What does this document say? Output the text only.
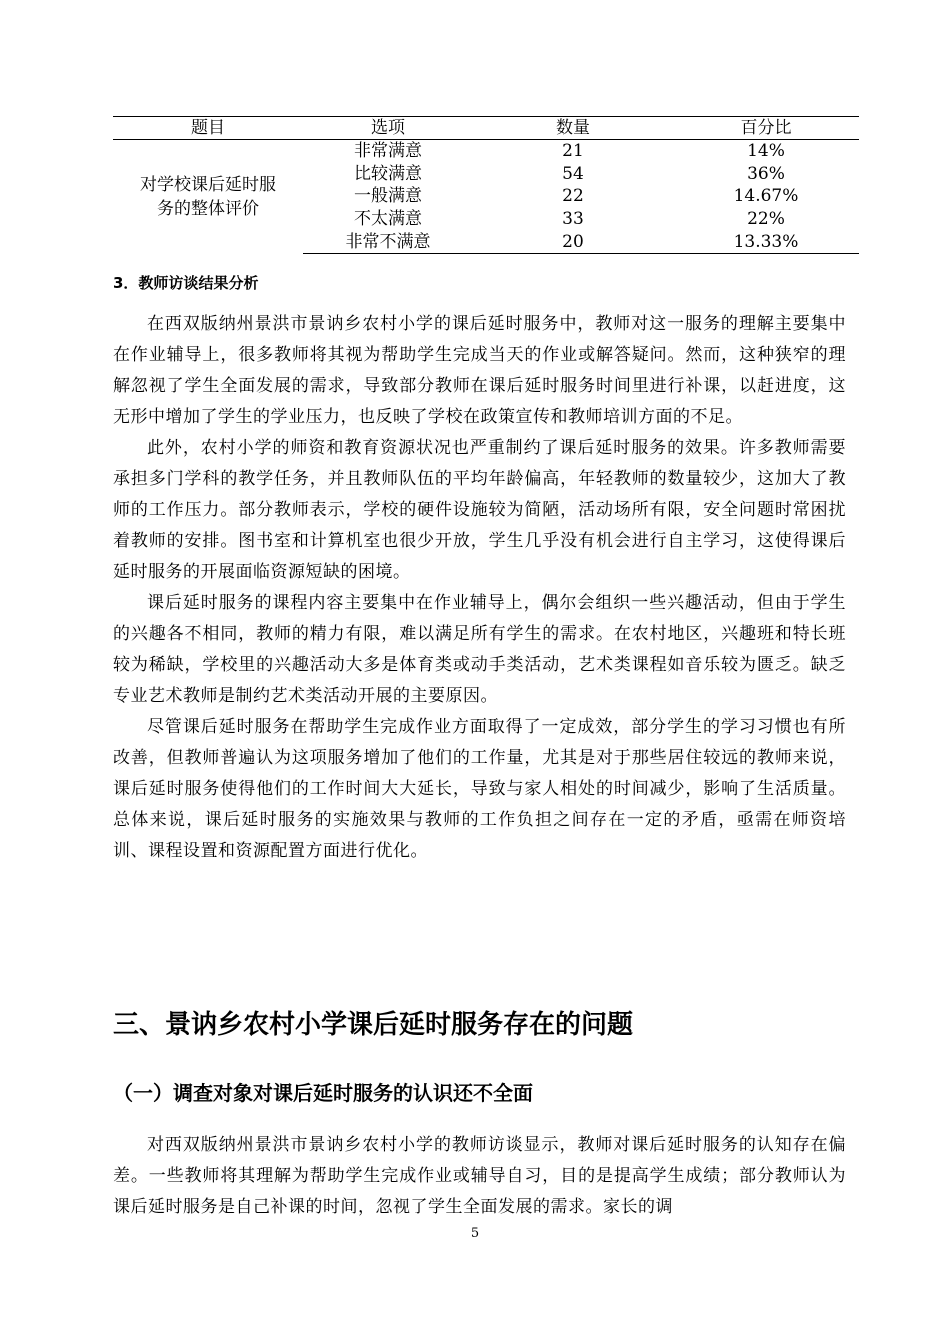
题目	选项	数量	百分比

对学校课后延时服
务的整体评价	非常满意	21	14%
	比较满意	54	36%
	一般满意	22	14.67%
	不太满意	33	22%
	非常不满意	20	13.33%
3．教师访谈结果分析

在西双版纳州景洪市景讷乡农村小学的课后延时服务中，教师对这一服务的理解主要集中在作业辅导上，很多教师将其视为帮助学生完成当天的作业或解答疑问。然而，这种狭窄的理解忽视了学生全面发展的需求，导致部分教师在课后延时服务时间里进行补课，以赶进度，这无形中增加了学生的学业压力，也反映了学校在政策宣传和教师培训方面的不足。

此外，农村小学的师资和教育资源状况也严重制约了课后延时服务的效果。许多教师需要承担多门学科的教学任务，并且教师队伍的平均年龄偏高，年轻教师的数量较少，这加大了教师的工作压力。部分教师表示，学校的硬件设施较为简陋，活动场所有限，安全问题时常困扰着教师的安排。图书室和计算机室也很少开放，学生几乎没有机会进行自主学习，这使得课后延时服务的开展面临资源短缺的困境。

课后延时服务的课程内容主要集中在作业辅导上，偶尔会组织一些兴趣活动，但由于学生的兴趣各不相同，教师的精力有限，难以满足所有学生的需求。在农村地区，兴趣班和特长班较为稀缺，学校里的兴趣活动大多是体育类或动手类活动，艺术类课程如音乐较为匮乏。缺乏专业艺术教师是制约艺术类活动开展的主要原因。

尽管课后延时服务在帮助学生完成作业方面取得了一定成效，部分学生的学习习惯也有所改善，但教师普遍认为这项服务增加了他们的工作量，尤其是对于那些居住较远的教师来说，课后延时服务使得他们的工作时间大大延长，导致与家人相处的时间减少，影响了生活质量。总体来说，课后延时服务的实施效果与教师的工作负担之间存在一定的矛盾，亟需在师资培训、课程设置和资源配置方面进行优化。

三、景讷乡农村小学课后延时服务存在的问题
（一）调查对象对课后延时服务的认识还不全面

对西双版纳州景洪市景讷乡农村小学的教师访谈显示，教师对课后延时服务的认知存在偏差。一些教师将其理解为帮助学生完成作业或辅导自习，目的是提高学生成绩；部分教师认为课后延时服务是自己补课的时间，忽视了学生全面发展的需求。家长的调

5
